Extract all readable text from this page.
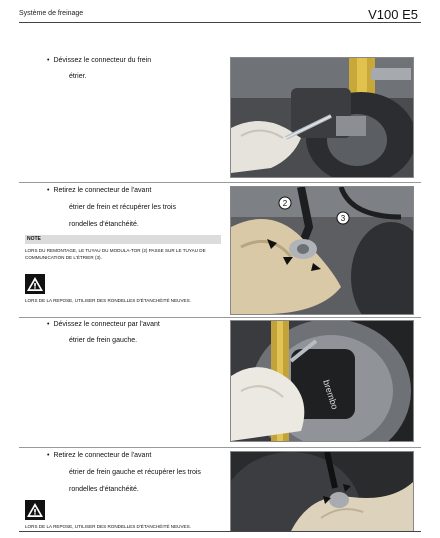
Système de freinage	V100 E5
• Dévissez le connecteur du frein
étrier.
• Retirez le connecteur de l'avant
étrier de frein et récupérer les trois
rondelles d'étanchéité.
NOTE
LORS DU REMONTAGE, LE TUYAU DU MODULA-TOR (2) PASSE SUR LE TUYAU DE COMMUNICATION DE L'ÉTRIER (3).
LORS DE LA REPOSE, UTILISER DES RONDELLES D'ÉTANCHÉITÉ NEUVES.
2
3
• Dévissez le connecteur par l'avant
étrier de frein gauche.
brembo
• Retirez le connecteur de l'avant
étrier de frein gauche et récupérer les trois
rondelles d'étanchéité.
LORS DE LA REPOSE, UTILISER DES RONDELLES D'ÉTANCHÉITÉ NEUVES.
